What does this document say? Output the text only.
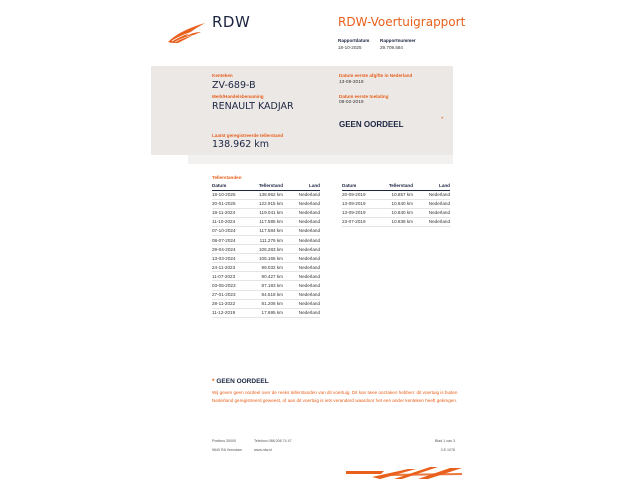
RDW	RDW-Voertuigrapport
Rapportdatum
18-10-2025
Rapportnummer
29.709.584
Kenteken
ZV-689-B
Merk/Handelsbenaming
RENAULT KADJAR
Laatst geregistreerde tellerstand
138.962 km
Datum eerste afgifte in Nederland
13-09-2019
Datum eerste toelating
08-02-2019
GEEN OORDEEL	*
Tellerstanden
Datum	Tellerstand	Land
18-10-2025	138.962 km	Nederland
20-01-2025	122.915 km	Nederland
18-11-2024	119.041 km	Nederland
11-10-2024	117.585 km	Nederland
07-10-2024	117.584 km	Nederland
08-07-2024	111.276 km	Nederland
29-04-2024	106.283 km	Nederland
13-03-2024	105.165 km	Nederland
24-11-2023	99.032 km	Nederland
11-07-2023	90.427 km	Nederland
03-05-2023	87.183 km	Nederland
27-01-2023	84.518 km	Nederland
28-11-2022	81.206 km	Nederland
11-12-2019	17.695 km	Nederland
Datum	Tellerstand	Land
20-09-2019	10.857 km	Nederland
13-09-2019	10.840 km	Nederland
13-09-2019	10.840 km	Nederland
23-07-2019	10.838 km	Nederland
* GEEN OORDEEL
Wij geven geen oordeel over de reeks tellerstanden van dit voertuig. Dit kan twee oorzaken hebben: dit voertuig is buiten Nederland geregistreerd geweest, of aan dit voertuig is iets veranderd waardoor het een ander kenteken heeft gekregen.
Postbus 30000
9640 RA Veendam
Telefoon 088 008 74 47
www.rdw.nl
Blad 1 van 3
3.E.1078
